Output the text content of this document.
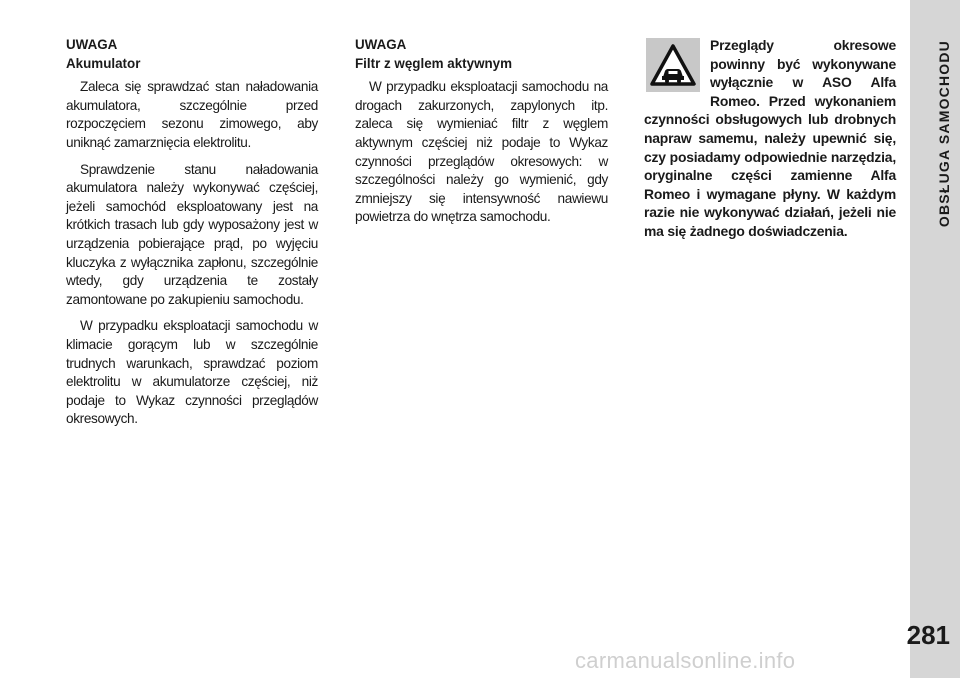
UWAGA
Akumulator

Zaleca się sprawdzać stan naładowania akumulatora, szczególnie przed rozpoczęciem sezonu zimowego, aby uniknąć zamarznięcia elektrolitu.

Sprawdzenie stanu naładowania akumulatora należy wykonywać częściej, jeżeli samochód eksploatowany jest na krótkich trasach lub gdy wyposażony jest w urządzenia pobierające prąd, po wyjęciu kluczyka z wyłącznika zapłonu, szczególnie wtedy, gdy urządzenia te zostały zamontowane po zakupieniu samochodu.

W przypadku eksploatacji samochodu w klimacie gorącym lub w szczególnie trudnych warunkach, sprawdzać poziom elektrolitu w akumulatorze częściej, niż podaje to Wykaz czynności przeglądów okresowych.

UWAGA
Filtr z węglem aktywnym

W przypadku eksploatacji samochodu na drogach zakurzonych, zapylonych itp. zaleca się wymieniać filtr z węglem aktywnym częściej niż podaje to Wykaz czynności przeglądów okresowych: w szczególności należy go wymienić, gdy zmniejszy się intensywność nawiewu powietrza do wnętrza samochodu.

Przeglądy okresowe powinny być wykonywane wyłącznie w ASO Alfa Romeo. Przed wykonaniem czynności obsługowych lub drobnych napraw samemu, należy upewnić się, czy posiadamy odpowiednie narzędzia, oryginalne części zamienne Alfa Romeo i wymagane płyny. W każdym razie nie wykonywać działań, jeżeli nie ma się żadnego doświadczenia.

OBSŁUGA SAMOCHODU
281
carmanualsonline.info
